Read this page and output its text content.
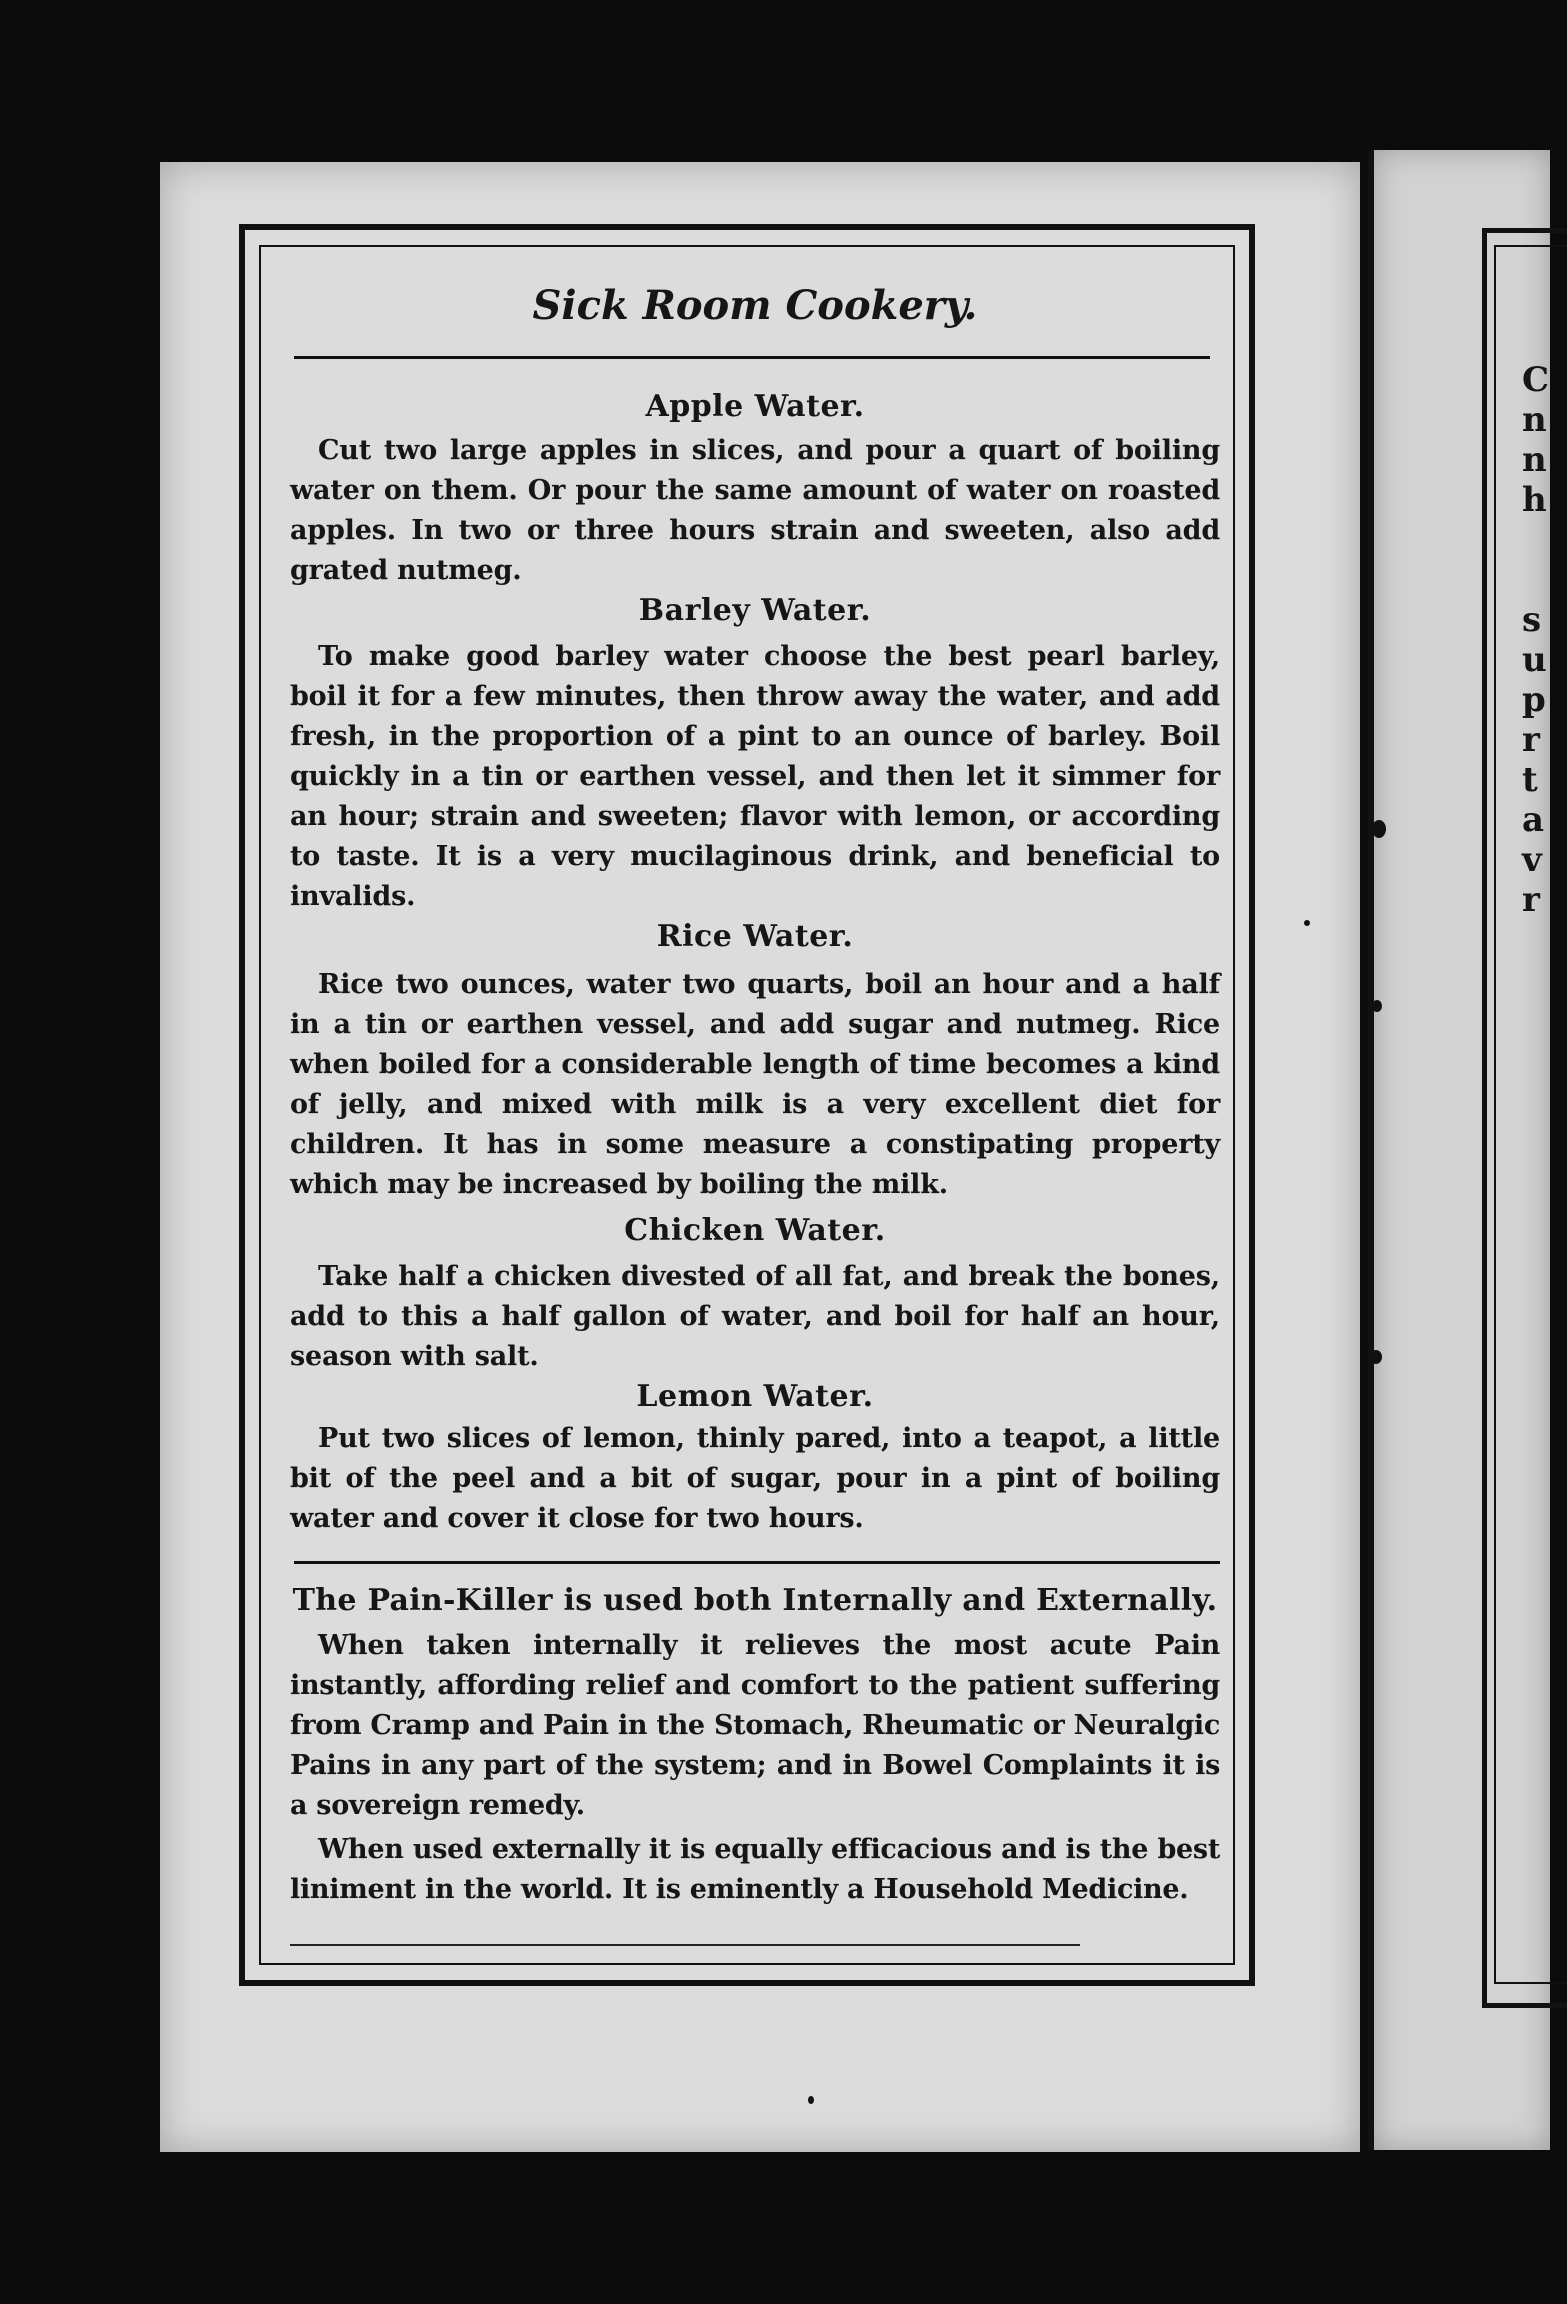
C
n
n
h
s
u
p
r
t
a
v
r
Sick Room Cookery.
Apple Water.

Cut two large apples in slices, and pour a quart of boiling water on them. Or pour the same amount of water on roasted apples. In two or three hours strain and sweeten, also add grated nutmeg.

Barley Water.

To make good barley water choose the best pearl barley, boil it for a few minutes, then throw away the water, and add fresh, in the proportion of a pint to an ounce of barley. Boil quickly in a tin or earthen vessel, and then let it simmer for an hour; strain and sweeten; flavor with lemon, or according to taste. It is a very mucilaginous drink, and beneficial to invalids.

Rice Water.

Rice two ounces, water two quarts, boil an hour and a half in a tin or earthen vessel, and add sugar and nutmeg. Rice when boiled for a considerable length of time becomes a kind of jelly, and mixed with milk is a very excellent diet for children. It has in some measure a constipating property which may be increased by boiling the milk.

Chicken Water.

Take half a chicken divested of all fat, and break the bones, add to this a half gallon of water, and boil for half an hour, season with salt.

Lemon Water.

Put two slices of lemon, thinly pared, into a teapot, a little bit of the peel and a bit of sugar, pour in a pint of boiling water and cover it close for two hours.

The Pain-Killer is used both Internally and Externally.

When taken internally it relieves the most acute Pain instantly, affording relief and comfort to the patient suffering from Cramp and Pain in the Stomach, Rheumatic or Neuralgic Pains in any part of the system; and in Bowel Complaints it is a sovereign remedy.

When used externally it is equally efficacious and is the best liniment in the world. It is eminently a Household Medicine.
